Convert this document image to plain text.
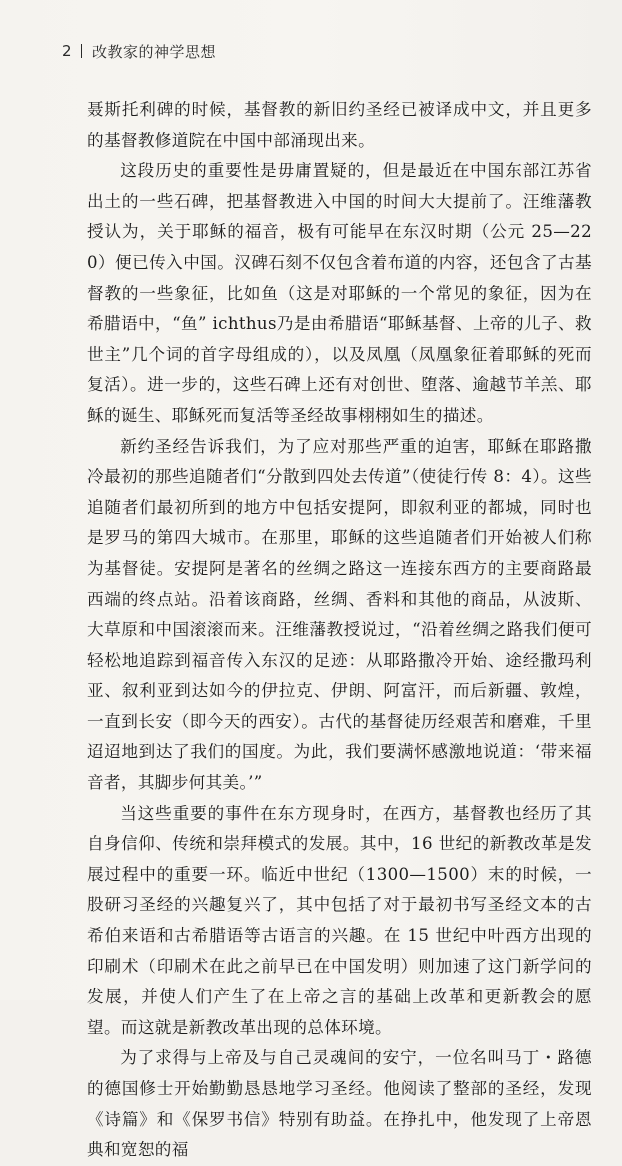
2 改教家的神学思想

聂斯托利碑的时候，基督教的新旧约圣经已被译成中文，并且更多的基督教修道院在中国中部涌现出来。

这段历史的重要性是毋庸置疑的，但是最近在中国东部江苏省出土的一些石碑，把基督教进入中国的时间大大提前了。汪维藩教授认为，关于耶稣的福音，极有可能早在东汉时期（公元 25—220）便已传入中国。汉碑石刻不仅包含着布道的内容，还包含了古基督教的一些象征，比如鱼（这是对耶稣的一个常见的象征，因为在希腊语中，“鱼” ichthus乃是由希腊语“耶稣基督、上帝的儿子、救世主”几个词的首字母组成的），以及凤凰（凤凰象征着耶稣的死而复活）。进一步的，这些石碑上还有对创世、堕落、逾越节羊羔、耶稣的诞生、耶稣死而复活等圣经故事栩栩如生的描述。

新约圣经告诉我们，为了应对那些严重的迫害，耶稣在耶路撒冷最初的那些追随者们“分散到四处去传道”（使徒行传 8：4）。这些追随者们最初所到的地方中包括安提阿，即叙利亚的都城，同时也是罗马的第四大城市。在那里，耶稣的这些追随者们开始被人们称为基督徒。安提阿是著名的丝绸之路这一连接东西方的主要商路最西端的终点站。沿着该商路，丝绸、香料和其他的商品，从波斯、大草原和中国滚滚而来。汪维藩教授说过，“沿着丝绸之路我们便可轻松地追踪到福音传入东汉的足迹：从耶路撒冷开始、途经撒玛利亚、叙利亚到达如今的伊拉克、伊朗、阿富汗，而后新疆、敦煌，一直到长安（即今天的西安）。古代的基督徒历经艰苦和磨难，千里迢迢地到达了我们的国度。为此，我们要满怀感激地说道：‘带来福音者，其脚步何其美。’”

当这些重要的事件在东方现身时，在西方，基督教也经历了其自身信仰、传统和崇拜模式的发展。其中，16 世纪的新教改革是发展过程中的重要一环。临近中世纪（1300—1500）末的时候，一股研习圣经的兴趣复兴了，其中包括了对于最初书写圣经文本的古希伯来语和古希腊语等古语言的兴趣。在 15 世纪中叶西方出现的印刷术（印刷术在此之前早已在中国发明）则加速了这门新学问的发展，并使人们产生了在上帝之言的基础上改革和更新教会的愿望。而这就是新教改革出现的总体环境。

为了求得与上帝及与自己灵魂间的安宁，一位名叫马丁・路德的德国修士开始勤勤恳恳地学习圣经。他阅读了整部的圣经，发现《诗篇》和《保罗书信》特别有助益。在挣扎中，他发现了上帝恩典和宽恕的福
